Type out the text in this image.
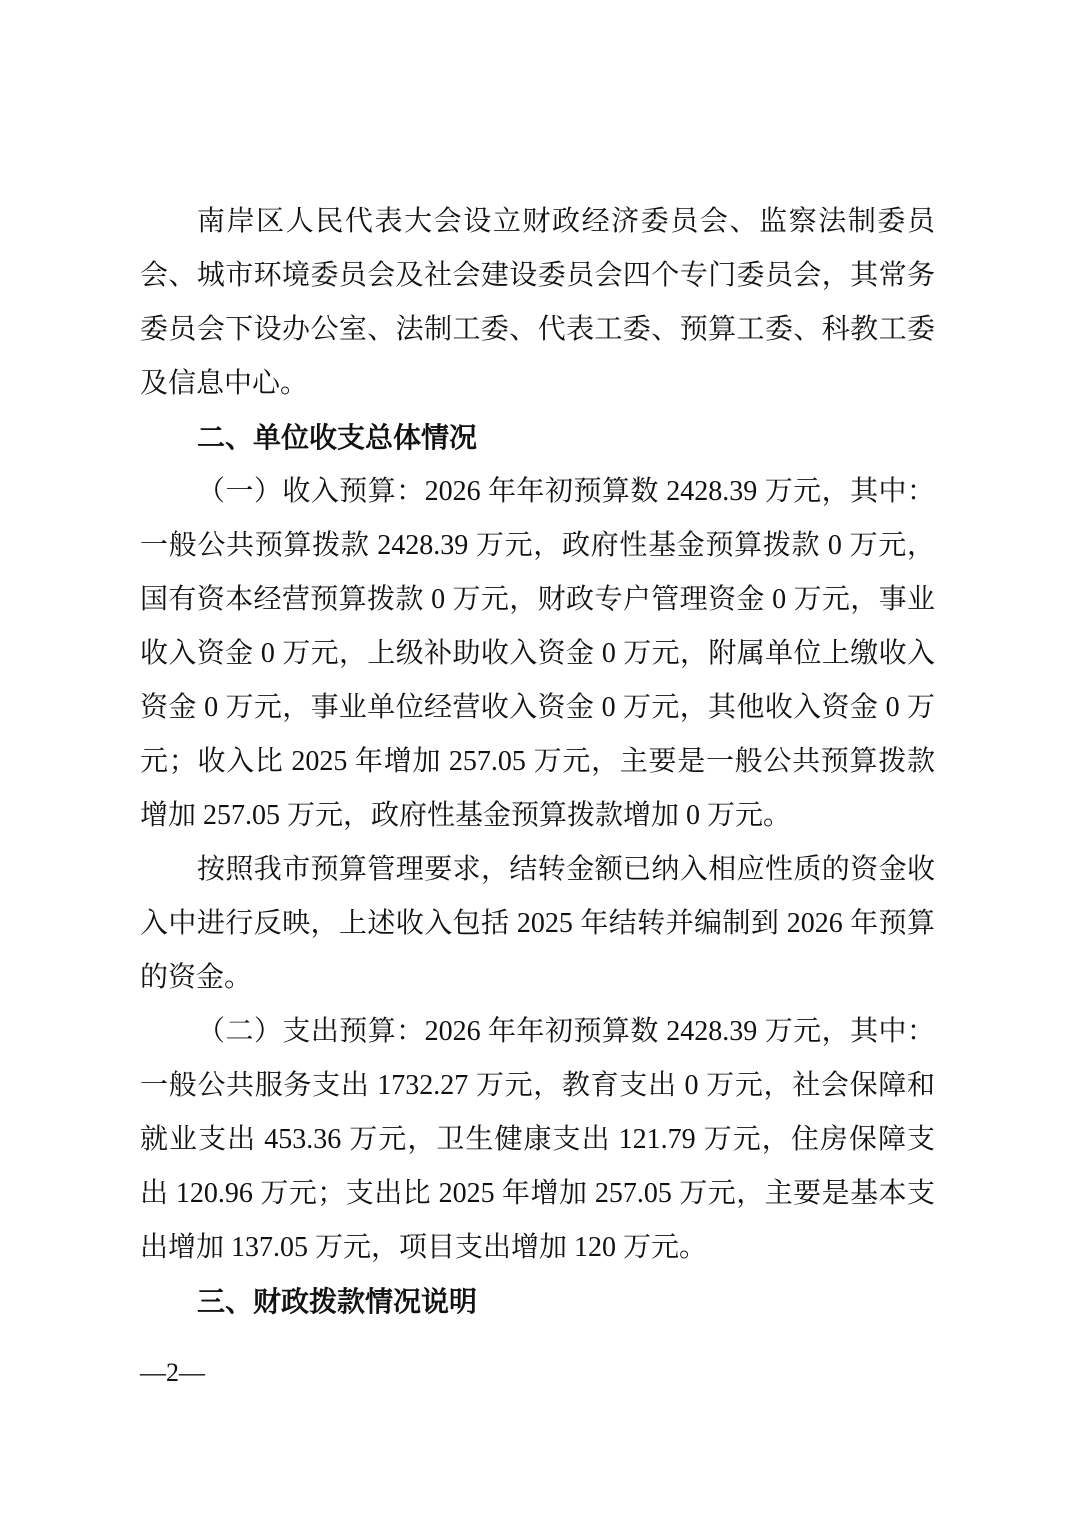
南岸区人民代表大会设立财政经济委员会、监察法制委员
会、城市环境委员会及社会建设委员会四个专门委员会，其常务
委员会下设办公室、法制工委、代表工委、预算工委、科教工委
及信息中心。
二、单位收支总体情况
（一）收入预算：2026 年年初预算数 2428.39 万元，其中：
一般公共预算拨款 2428.39 万元，政府性基金预算拨款 0 万元，
国有资本经营预算拨款 0 万元，财政专户管理资金 0 万元，事业
收入资金 0 万元，上级补助收入资金 0 万元，附属单位上缴收入
资金 0 万元，事业单位经营收入资金 0 万元，其他收入资金 0 万
元；收入比 2025 年增加 257.05 万元，主要是一般公共预算拨款
增加 257.05 万元，政府性基金预算拨款增加 0 万元。
按照我市预算管理要求，结转金额已纳入相应性质的资金收
入中进行反映，上述收入包括 2025 年结转并编制到 2026 年预算
的资金。
（二）支出预算：2026 年年初预算数 2428.39 万元，其中：
一般公共服务支出 1732.27 万元，教育支出 0 万元，社会保障和
就业支出 453.36 万元，卫生健康支出 121.79 万元，住房保障支
出 120.96 万元；支出比 2025 年增加 257.05 万元，主要是基本支
出增加 137.05 万元，项目支出增加 120 万元。
三、财政拨款情况说明
—2—
